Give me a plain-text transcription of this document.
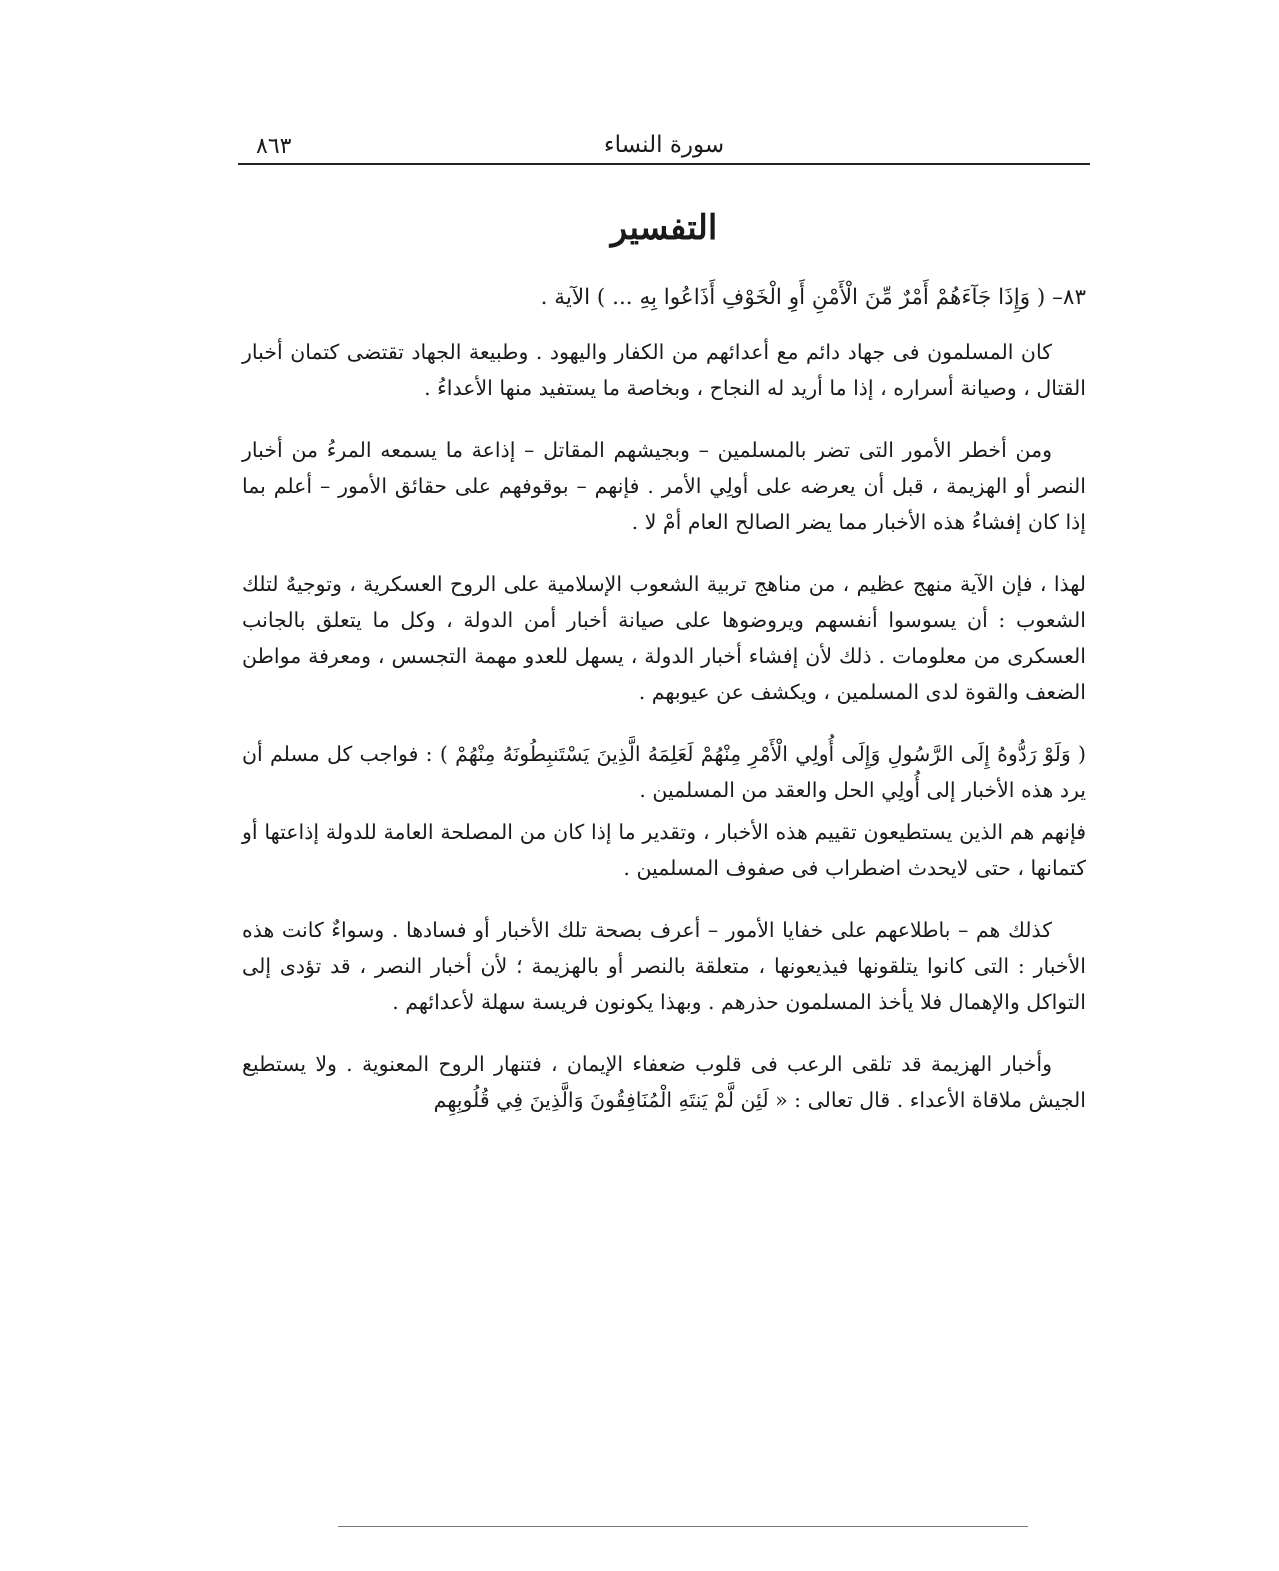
سورة النساء
٨٦٣
التفسير

٨٣– ( وَإِذَا جَآءَهُمْ أَمْرٌ مِّنَ الْأَمْنِ أَوِ الْخَوْفِ أَذَاعُوا بِهِ ... ) الآية .

كان المسلمون فى جهاد دائم مع أعدائهم من الكفار واليهود . وطبيعة الجهاد تقتضى كتمان أخبار القتال ، وصيانة أسراره ، إذا ما أريد له النجاح ، وبخاصة ما يستفيد منها الأعداءُ .

ومن أخطر الأمور التى تضر بالمسلمين – وبجيشهم المقاتل – إذاعة ما يسمعه المرءُ من أخبار النصر أو الهزيمة ، قبل أن يعرضه على أولِي الأمر . فإنهم – بوقوفهم على حقائق الأمور – أعلم بما إذا كان إفشاءُ هذه الأخبار مما يضر الصالح العام أمْ لا .

لهذا ، فإن الآية منهج عظيم ، من مناهج تربية الشعوب الإسلامية على الروح العسكرية ، وتوجيهٌ لتلك الشعوب : أن يسوسوا أنفسهم ويروضوها على صيانة أخبار أمن الدولة ، وكل ما يتعلق بالجانب العسكرى من معلومات . ذلك لأن إفشاء أخبار الدولة ، يسهل للعدو مهمة التجسس ، ومعرفة مواطن الضعف والقوة لدى المسلمين ، ويكشف عن عيوبهم .

( وَلَوْ رَدُّوهُ إِلَى الرَّسُولِ وَإِلَى أُولِي الْأَمْرِ مِنْهُمْ لَعَلِمَهُ الَّذِينَ يَسْتَنبِطُونَهُ مِنْهُمْ ) : فواجب كل مسلم أن يرد هذه الأخبار إلى أُولِي الحل والعقد من المسلمين .

فإنهم هم الذين يستطيعون تقييم هذه الأخبار ، وتقدير ما إذا كان من المصلحة العامة للدولة إذاعتها أو كتمانها ، حتى لايحدث اضطراب فى صفوف المسلمين .

كذلك هم – باطلاعهم على خفايا الأمور – أعرف بصحة تلك الأخبار أو فسادها . وسواءٌ كانت هذه الأخبار : التى كانوا يتلقونها فيذيعونها ، متعلقة بالنصر أو بالهزيمة ؛ لأن أخبار النصر ، قد تؤدى إلى التواكل والإهمال فلا يأخذ المسلمون حذرهم . وبهذا يكونون فريسة سهلة لأعدائهم .

وأخبار الهزيمة قد تلقى الرعب فى قلوب ضعفاء الإيمان ، فتنهار الروح المعنوية . ولا يستطيع الجيش ملاقاة الأعداء . قال تعالى : « لَئِن لَّمْ يَنتَهِ الْمُنَافِقُونَ وَالَّذِينَ فِي قُلُوبِهِم
